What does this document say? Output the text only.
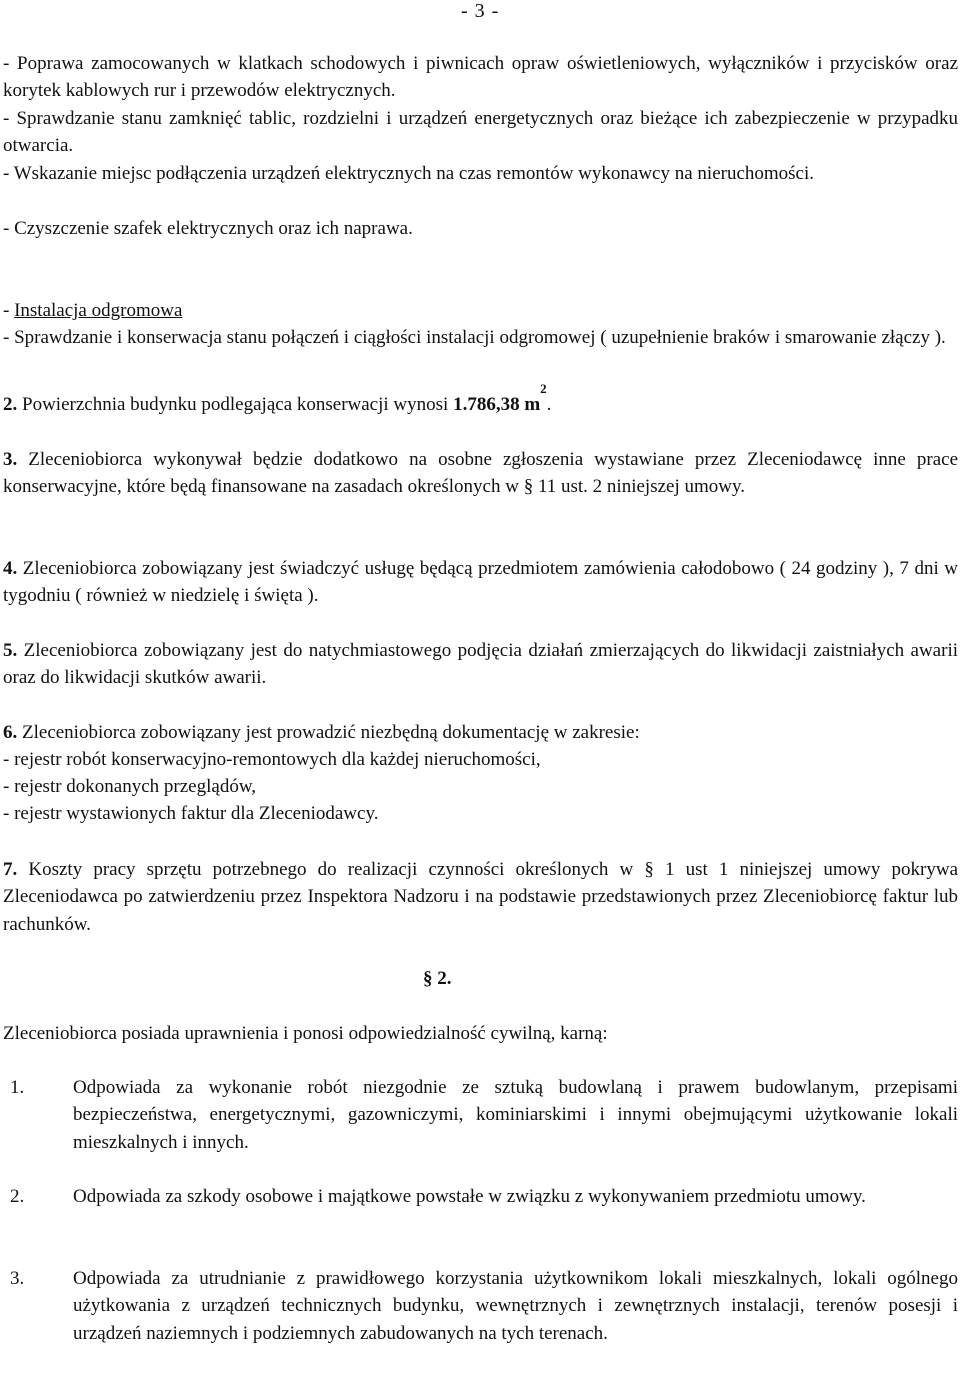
- 3 -

- Poprawa zamocowanych w klatkach schodowych i piwnicach opraw oświetleniowych, wyłączników i przycisków oraz korytek kablowych rur i przewodów elektrycznych.

- Sprawdzanie stanu zamknięć tablic, rozdzielni i urządzeń energetycznych oraz bieżące ich zabezpieczenie w przypadku otwarcia.

- Wskazanie miejsc podłączenia urządzeń elektrycznych na czas remontów wykonawcy na nieruchomości.

- Czyszczenie szafek elektrycznych oraz ich naprawa.

- Instalacja odgromowa

- Sprawdzanie i konserwacja stanu połączeń i ciągłości instalacji odgromowej ( uzupełnienie braków i smarowanie złączy ).

2. Powierzchnia budynku podlegająca konserwacji wynosi 1.786,38 $m^2$.

3. Zleceniobiorca wykonywał będzie dodatkowo na osobne zgłoszenia wystawiane przez Zleceniodawcę inne prace konserwacyjne, które będą finansowane na zasadach określonych w § 11 ust. 2 niniejszej umowy.

4. Zleceniobiorca zobowiązany jest świadczyć usługę będącą przedmiotem zamówienia całodobowo ( 24 godziny ), 7 dni w tygodniu ( również w niedzielę i święta ).

5. Zleceniobiorca zobowiązany jest do natychmiastowego podjęcia działań zmierzających do likwidacji zaistniałych awarii oraz do likwidacji skutków awarii.

6. Zleceniobiorca zobowiązany jest prowadzić niezbędną dokumentację w zakresie:

- rejestr robót konserwacyjno-remontowych dla każdej nieruchomości,

- rejestr dokonanych przeglądów,

- rejestr wystawionych faktur dla Zleceniodawcy.

7. Koszty pracy sprzętu potrzebnego do realizacji czynności określonych w § 1 ust 1 niniejszej umowy pokrywa Zleceniodawca po zatwierdzeniu przez Inspektora Nadzoru i na podstawie przedstawionych przez Zleceniobiorcę faktur lub rachunków.

§ 2.

Zleceniobiorca posiada uprawnienia i ponosi odpowiedzialność cywilną, karną:

1.	Odpowiada za wykonanie robót niezgodnie ze sztuką budowlaną i prawem budowlanym, przepisami bezpieczeństwa, energetycznymi, gazowniczymi, kominiarskimi i innymi obejmującymi użytkowanie lokali mieszkalnych i innych.
2.	Odpowiada za szkody osobowe i majątkowe powstałe w związku z wykonywaniem przedmiotu umowy.
3.	Odpowiada za utrudnianie z prawidłowego korzystania użytkownikom lokali mieszkalnych, lokali ogólnego użytkowania z urządzeń technicznych budynku, wewnętrznych i zewnętrznych instalacji, terenów posesji i urządzeń naziemnych i podziemnych zabudowanych na tych terenach.
